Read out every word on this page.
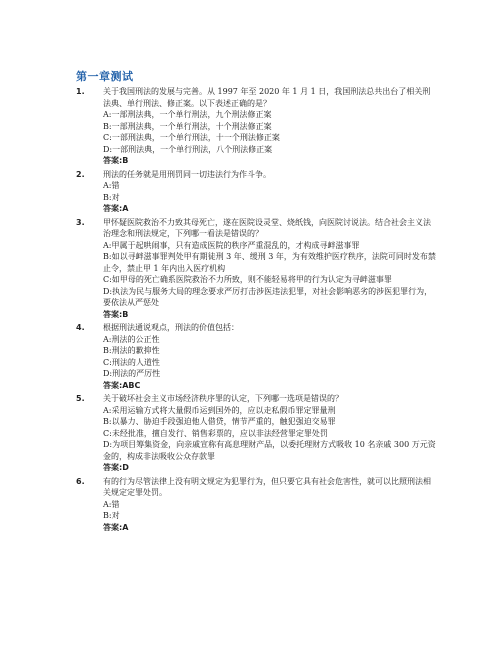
第一章测试
1. 关于我国刑法的发展与完善。从 1997 年至 2020 年 1 月 1 日，我国刑法总共出台了相关刑法典、单行刑法、修正案。以下表述正确的是？

A:一部刑法典，一个单行刑法，九个刑法修正案

B:一部刑法典，一个单行刑法，十个刑法修正案

C:一部刑法典，一个单行刑法，十一个刑法修正案

D:一部刑法典，一个单行刑法，八个刑法修正案

答案:B

2. 刑法的任务就是用刑罚同一切违法行为作斗争。

A:错

B:对

答案:A

3. 甲怀疑医院救治不力致其母死亡，遂在医院设灵堂、烧纸钱，向医院讨说法。结合社会主义法治理念和刑法规定，下列哪一看法是错误的？

A:甲属于起哄闹事，只有造成医院的秩序严重混乱的，才构成寻衅滋事罪

B:如以寻衅滋事罪判处甲有期徒刑 3 年、缓刑 3 年，为有效维护医疗秩序，法院可同时发布禁止令，禁止甲 1 年内出入医疗机构

C:如甲母的死亡确系医院救治不力所致，则不能轻易将甲的行为认定为寻衅滋事罪

D:执法为民与服务大局的理念要求严厉打击涉医违法犯罪，对社会影响恶劣的涉医犯罪行为，要依法从严惩处

答案:B

4. 根据刑法通说观点，刑法的价值包括：

A:刑法的公正性

B:刑法的歉抑性

C:刑法的人道性

D:刑法的严厉性

答案:ABC

5. 关于破坏社会主义市场经济秩序罪的认定，下列哪一选项是错误的？

A:采用运输方式将大量假币运到国外的，应以走私假币罪定罪量刑

B:以暴力、胁迫手段强迫他人借贷，情节严重的，触犯强迫交易罪

C:未经批准，擅自发行、销售彩票的，应以非法经营罪定罪处罚

D:为项目筹集资金，向亲戚宣称有高息理财产品，以委托理财方式吸收 10 名亲戚 300 万元资金的，构成非法吸收公众存款罪

答案:D

6. 有的行为尽管法律上没有明文规定为犯罪行为，但只要它具有社会危害性，就可以比照刑法相关规定定罪处罚。

A:错

B:对

答案:A
